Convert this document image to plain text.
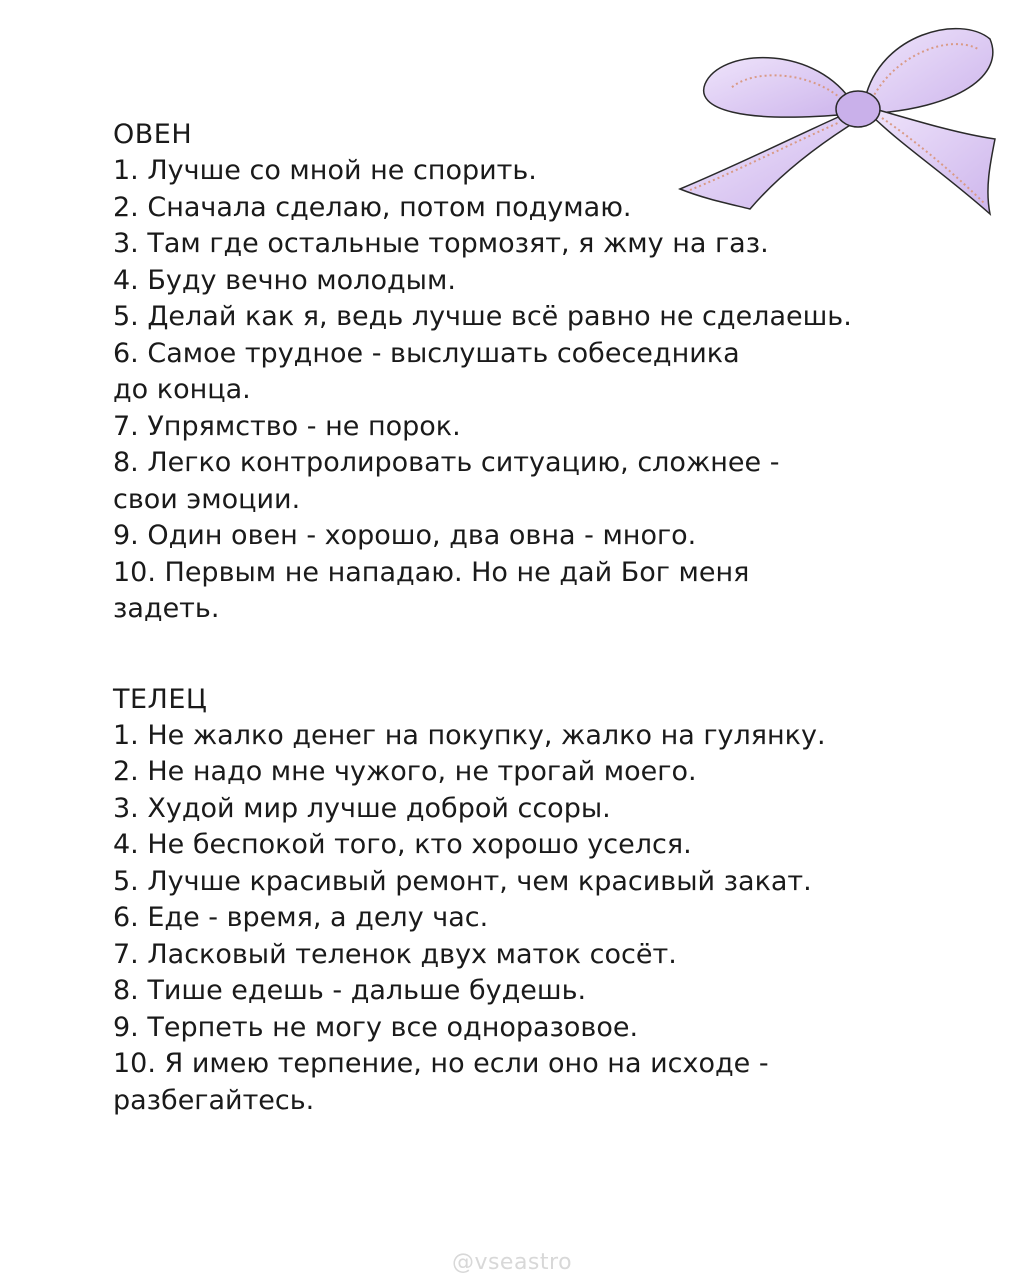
ОВЕН
1. Лучше со мной не спорить.
2. Сначала сделаю, потом подумаю.
3. Там где остальные тормозят, я жму на газ.
4. Буду вечно молодым.
5. Делай как я, ведь лучше всё равно не сделаешь.
6. Самое трудное - выслушать собеседника
до конца.
7. Упрямство - не порок.
8. Легко контролировать ситуацию, сложнее -
свои эмоции.
9. Один овен - хорошо, два овна - много.
10. Первым не нападаю. Но не дай Бог меня
задеть.
ТЕЛЕЦ
1. Не жалко денег на покупку, жалко на гулянку.
2. Не надо мне чужого, не трогай моего.
3. Худой мир лучше доброй ссоры.
4. Не беспокой того, кто хорошо уселся.
5. Лучше красивый ремонт, чем красивый закат.
6. Еде - время, а делу час.
7. Ласковый теленок двух маток сосёт.
8. Тише едешь - дальше будешь.
9. Терпеть не могу все одноразовое.
10. Я имею терпение, но если оно на исходе -
разбегайтесь.
@vseastro
